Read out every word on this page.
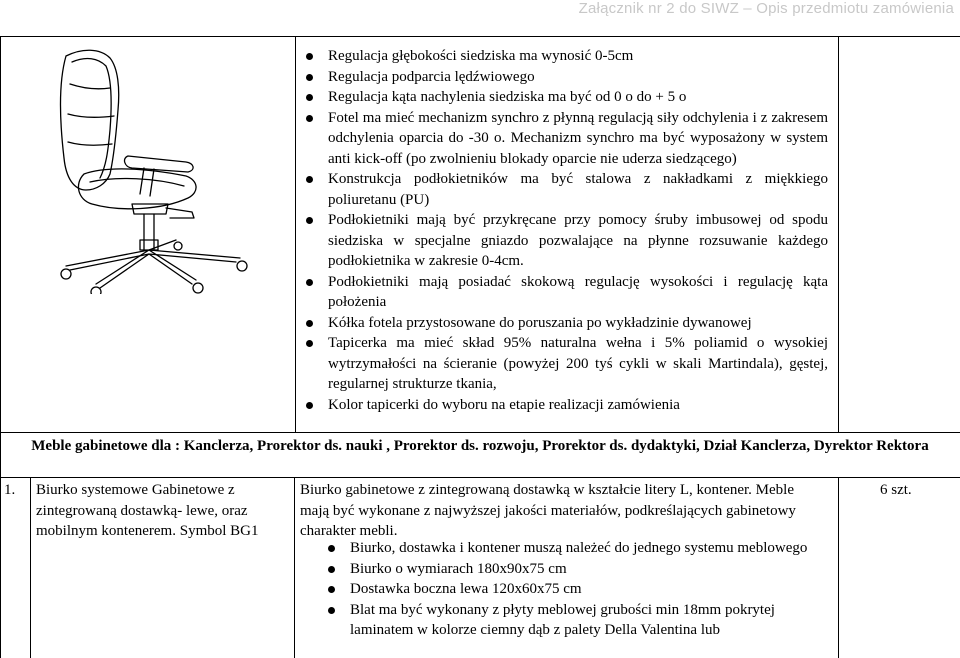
Załącznik nr 2 do SIWZ – Opis przedmiotu zamówienia
Regulacja głębokości siedziska ma wynosić 0-5cm
Regulacja podparcia lędźwiowego
Regulacja kąta nachylenia siedziska ma być od 0 o do + 5 o
Fotel ma mieć mechanizm synchro z płynną regulacją siły odchylenia i z zakresem odchylenia oparcia do -30 o. Mechanizm synchro ma być wyposażony w system anti kick-off (po zwolnieniu blokady oparcie nie uderza siedzącego)
Konstrukcja podłokietników ma być stalowa z nakładkami z miękkiego poliuretanu (PU)
Podłokietniki mają być przykręcane przy pomocy śruby imbusowej od spodu siedziska w specjalne gniazdo pozwalające na płynne rozsuwanie każdego podłokietnika w zakresie 0-4cm.
Podłokietniki mają posiadać skokową regulację wysokości i regulację kąta położenia
Kółka fotela przystosowane do poruszania po wykładzinie dywanowej
Tapicerka ma mieć skład 95% naturalna wełna i 5% poliamid o wysokiej wytrzymałości na ścieranie (powyżej 200 tyś cykli w skali Martindala), gęstej, regularnej strukturze tkania,
Kolor tapicerki do wyboru na etapie realizacji zamówienia
Meble gabinetowe dla : Kanclerza, Prorektor ds. nauki , Prorektor ds. rozwoju, Prorektor ds. dydaktyki, Dział Kanclerza, Dyrektor Rektora
1. Biurko systemowe Gabinetowe z zintegrowaną dostawką- lewe, oraz mobilnym kontenerem. Symbol BG1
Biurko gabinetowe z zintegrowaną dostawką w kształcie litery L, kontener. Meble mają być wykonane z najwyższej jakości materiałów, podkreślających gabinetowy charakter mebli.
Biurko, dostawka i kontener muszą należeć do jednego systemu meblowego
Biurko o wymiarach 180x90x75 cm
Dostawka boczna lewa 120x60x75 cm
Blat ma być wykonany z płyty meblowej grubości min 18mm pokrytej laminatem w kolorze ciemny dąb z palety Della Valentina lub
6 szt.
